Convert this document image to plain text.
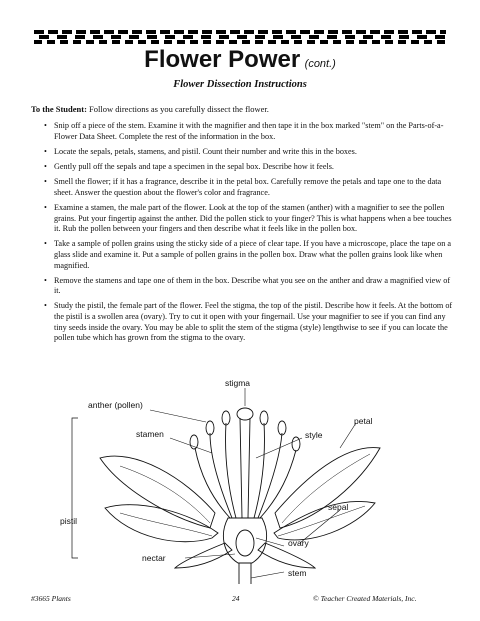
Flower Power (cont.)
Flower Dissection Instructions
To the Student: Follow directions as you carefully dissect the flower.
• Snip off a piece of the stem. Examine it with the magnifier and then tape it in the box marked "stem" on the Parts-of-a-Flower Data Sheet. Complete the rest of the information in the box.
• Locate the sepals, petals, stamens, and pistil. Count their number and write this in the boxes.
• Gently pull off the sepals and tape a specimen in the sepal box. Describe how it feels.
• Smell the flower; if it has a fragrance, describe it in the petal box. Carefully remove the petals and tape one to the data sheet. Answer the question about the flower's color and fragrance.
• Examine a stamen, the male part of the flower. Look at the top of the stamen (anther) with a magnifier to see the pollen grains. Put your fingertip against the anther. Did the pollen stick to your finger? This is what happens when a bee touches it. Rub the pollen between your fingers and then describe what it feels like in the pollen box.
• Take a sample of pollen grains using the sticky side of a piece of clear tape. If you have a microscope, place the tape on a glass slide and examine it. Put a sample of pollen grains in the pollen box. Draw what the pollen grains look like when magnified.
• Remove the stamens and tape one of them in the box. Describe what you see on the anther and draw a magnified view of it.
• Study the pistil, the female part of the flower. Feel the stigma, the top of the pistil. Describe how it feels. At the bottom of the pistil is a swollen area (ovary). Try to cut it open with your fingernail. Use your magnifier to see if you can find any tiny seeds inside the ovary. You may be able to split the stem of the stigma (style) lengthwise to see if you can locate the pollen tube which has grown from the stigma to the ovary.
stigma
anther (pollen)
style
stamen
petal
sepal
pistil
ovary
nectar
stem
#3665 Plants	24	© Teacher Created Materials, Inc.
